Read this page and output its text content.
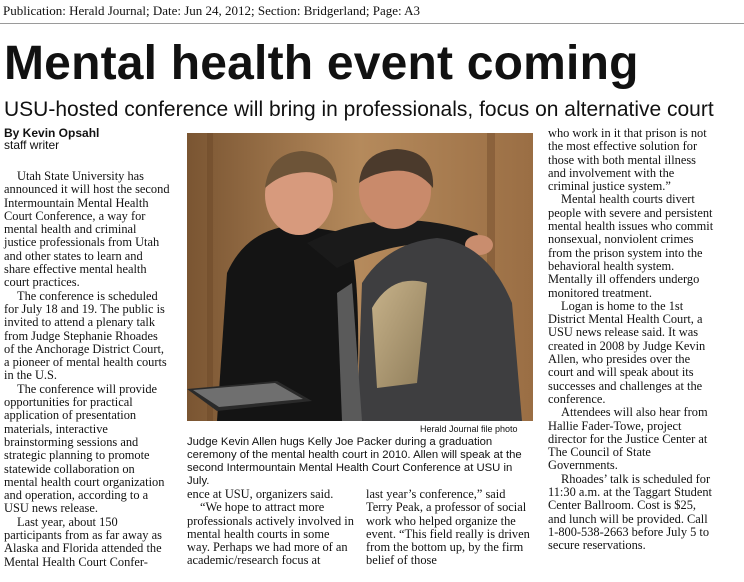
Publication: Herald Journal; Date: Jun 24, 2012; Section: Bridgerland; Page: A3
Mental health event coming
USU-hosted conference will bring in professionals, focus on alternative court
By Kevin Opsahl
staff writer

Utah State University has announced it will host the second Intermountain Mental Health Court Conference, a way for mental health and criminal justice professionals from Utah and other states to learn and share effective mental health court practices.

The conference is scheduled for July 18 and 19. The public is invited to attend a plenary talk from Judge Stephanie Rhoades of the Anchorage District Court, a pioneer of mental health courts in the U.S.

The conference will provide opportunities for practical application of presentation materials, interactive brainstorming sessions and strategic planning to promote statewide collaboration on mental health court organization and operation, according to a USU news release.

Last year, about 150 participants from as far away as Alaska and Florida attended the Mental Health Court Confer-

Herald Journal file photo

Judge Kevin Allen hugs Kelly Joe Packer during a graduation ceremony of the mental health court in 2010. Allen will speak at the second Intermountain Mental Health Court Conference at USU in July.

ence at USU, organizers said.

“We hope to attract more professionals actively involved in mental health courts in some way. Perhaps we had more of an academic/research focus at

last year’s conference,” said Terry Peak, a professor of social work who helped organize the event. “This field really is driven from the bottom up, by the firm belief of those

who work in it that prison is not the most effective solution for those with both mental illness and involvement with the criminal justice system.”

Mental health courts divert people with severe and persistent mental health issues who commit nonsexual, nonviolent crimes from the prison system into the behavioral health system. Mentally ill offenders undergo monitored treatment.

Logan is home to the 1st District Mental Health Court, a USU news release said. It was created in 2008 by Judge Kevin Allen, who presides over the court and will speak about its successes and challenges at the conference.

Attendees will also hear from Hallie Fader-Towe, project director for the Justice Center at The Council of State Governments.

Rhoades’ talk is scheduled for 11:30 a.m. at the Taggart Student Center Ballroom. Cost is $25, and lunch will be provided. Call 1-800-538-2663 before July 5 to secure reservations.
